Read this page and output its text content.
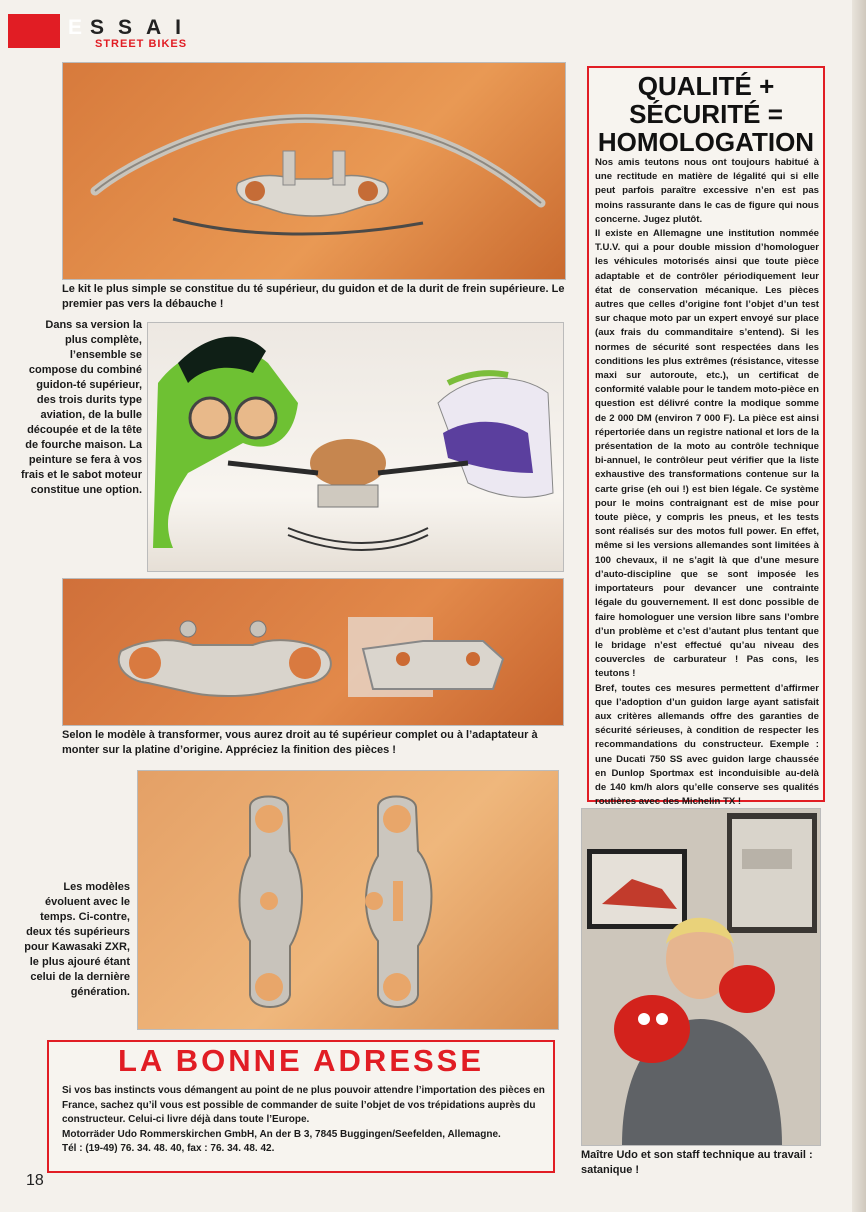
E SSAI
STREET BIKES
Le kit le plus simple se constitue du té supérieur, du guidon et de la durit de frein supérieure. Le premier pas vers la débauche !
Dans sa version la plus complète, l’ensemble se compose du combiné guidon-té supérieur, des trois durits type aviation, de la bulle découpée et de la tête de fourche maison. La peinture se fera à vos frais et le sabot moteur constitue une option.
Selon le modèle à transformer, vous aurez droit au té supérieur complet ou à l’adaptateur à monter sur la platine d’origine. Appréciez la finition des pièces !
Les modèles évoluent avec le temps. Ci-contre, deux tés supérieurs pour Kawasaki ZXR, le plus ajouré étant celui de la dernière génération.
QUALITÉ +
SÉCURITÉ =
HOMOLOGATION

Nos amis teutons nous ont toujours habitué à une rectitude en matière de légalité qui si elle peut parfois paraître excessive n’en est pas moins rassurante dans le cas de figure qui nous concerne. Jugez plutôt.

Il existe en Allemagne une institution nommée T.U.V. qui a pour double mission d’homologuer les véhicules motorisés ainsi que toute pièce adaptable et de contrôler périodiquement leur état de conservation mécanique. Les pièces autres que celles d’origine font l’objet d’un test sur chaque moto par un expert envoyé sur place (aux frais du commanditaire s’entend). Si les normes de sécurité sont respectées dans les conditions les plus extrêmes (résistance, vitesse maxi sur autoroute, etc.), un certificat de conformité valable pour le tandem moto-pièce en question est délivré contre la modique somme de 2 000 DM (environ 7 000 F). La pièce est ainsi répertoriée dans un registre national et lors de la présentation de la moto au contrôle technique bi-annuel, le contrôleur peut vérifier que la liste exhaustive des transformations contenue sur la carte grise (eh oui !) est bien légale. Ce système pour le moins contraignant est de mise pour toute pièce, y compris les pneus, et les tests sont réalisés sur des motos full power. En effet, même si les versions allemandes sont limitées à 100 chevaux, il ne s’agit là que d’une mesure d’auto-discipline que se sont imposée les importateurs pour devancer une contrainte légale du gouvernement. Il est donc possible de faire homologuer une version libre sans l’ombre d’un problème et c’est d’autant plus tentant que le bridage n’est effectué qu’au niveau des couvercles de carburateur ! Pas cons, les teutons !

Bref, toutes ces mesures permettent d’affirmer que l’adoption d’un guidon large ayant satisfait aux critères allemands offre des garanties de sécurité sérieuses, à condition de respecter les recommandations du constructeur. Exemple : une Ducati 750 SS avec guidon large chaussée en Dunlop Sportmax est inconduisible au-delà de 140 km/h alors qu’elle conserve ses qualités routières avec des Michelin TX !

Maître Udo et son staff technique au travail : satanique !
LA BONNE ADRESSE

Si vos bas instincts vous démangent au point de ne plus pouvoir attendre l’importation des pièces en France, sachez qu’il vous est possible de commander de suite l’objet de vos trépidations auprès du constructeur. Celui-ci livre déjà dans toute l’Europe.

Motorräder Udo Rommerskirchen GmbH, An der B 3, 7845 Buggingen/Seefelden, Allemagne.

Tél : (19-49) 76. 34. 48. 40, fax : 76. 34. 48. 42.

18
